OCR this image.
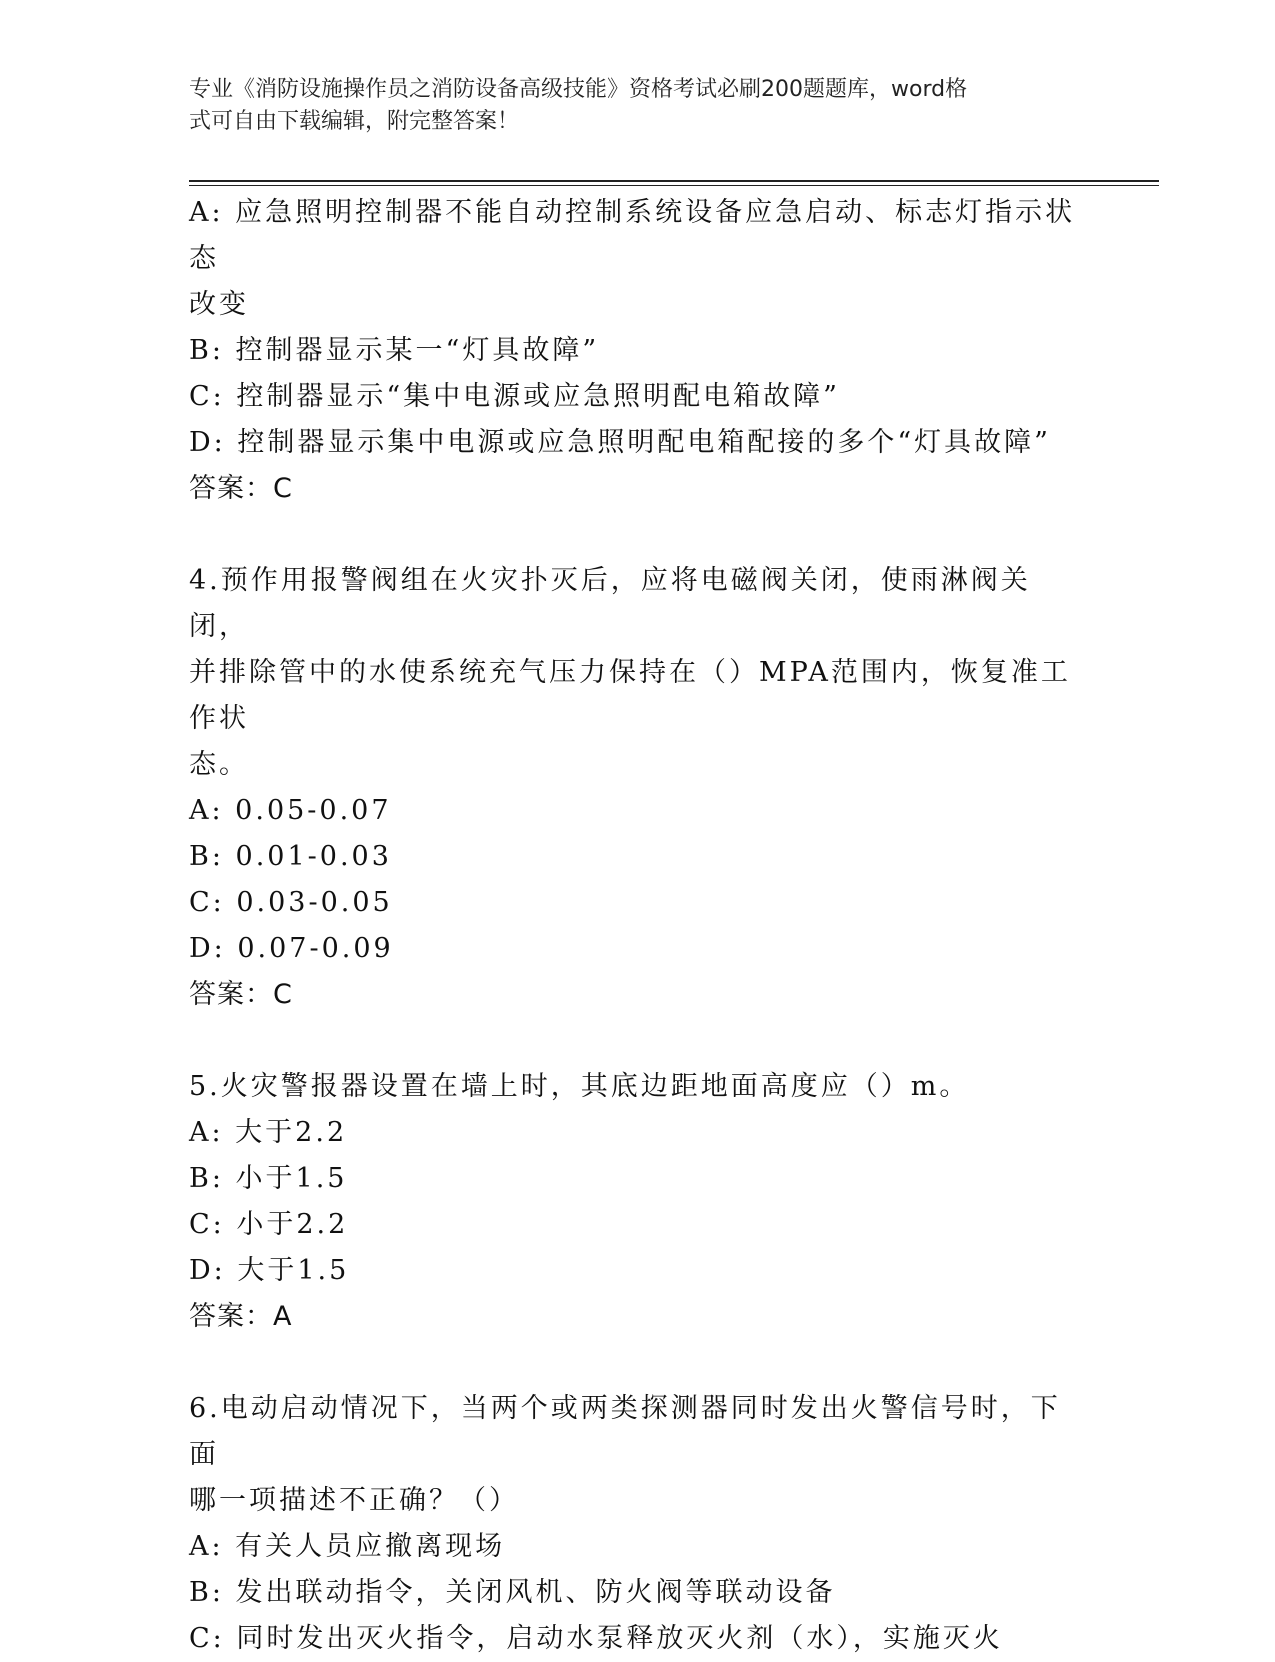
专业《消防设施操作员之消防设备高级技能》资格考试必刷200题题库，word格
式可自由下载编辑，附完整答案！
A: 应急照明控制器不能自动控制系统设备应急启动、标志灯指示状态
改变
B: 控制器显示某一“灯具故障”
C: 控制器显示“集中电源或应急照明配电箱故障”
D: 控制器显示集中电源或应急照明配电箱配接的多个“灯具故障”
答案：C
4.预作用报警阀组在火灾扑灭后，应将电磁阀关闭，使雨淋阀关闭，
并排除管中的水使系统充气压力保持在（）MPA范围内，恢复准工作状
态。
A: 0.05-0.07
B: 0.01-0.03
C: 0.03-0.05
D: 0.07-0.09
答案：C
5.火灾警报器设置在墙上时，其底边距地面高度应（）m。
A: 大于2.2
B: 小于1.5
C: 小于2.2
D: 大于1.5
答案：A
6.电动启动情况下，当两个或两类探测器同时发出火警信号时，下面
哪一项描述不正确？（）
A: 有关人员应撤离现场
B: 发出联动指令，关闭风机、防火阀等联动设备
C: 同时发出灭火指令，启动水泵释放灭火剂（水），实施灭火
